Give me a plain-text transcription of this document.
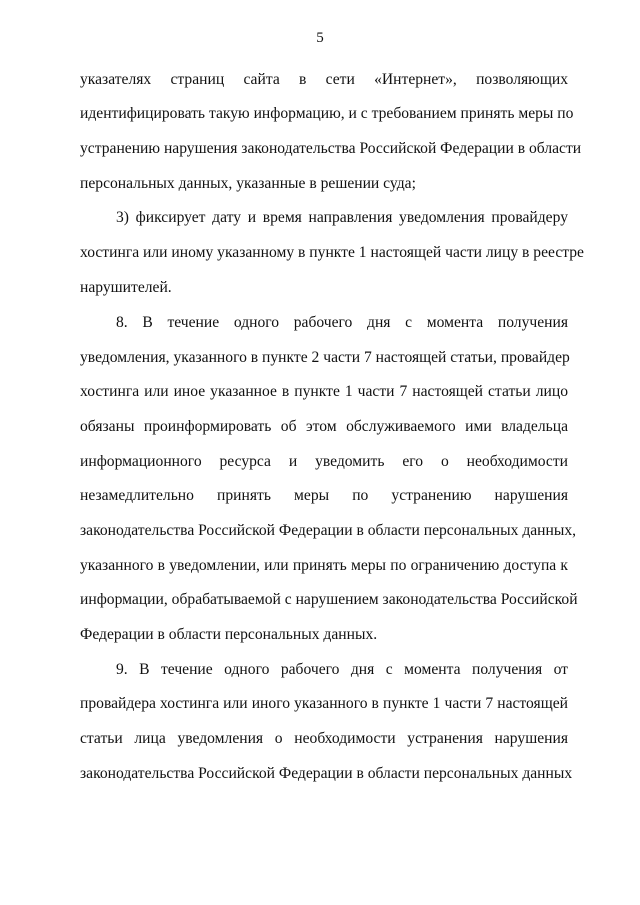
5
указателях страниц сайта в сети «Интернет», позволяющих
идентифицировать такую информацию, и с требованием принять меры по
устранению нарушения законодательства Российской Федерации в области
персональных данных, указанные в решении суда;
3) фиксирует дату и время направления уведомления провайдеру
хостинга или иному указанному в пункте 1 настоящей части лицу в реестре
нарушителей.
8. В течение одного рабочего дня с момента получения
уведомления, указанного в пункте 2 части 7 настоящей статьи, провайдер
хостинга или иное указанное в пункте 1 части 7 настоящей статьи лицо
обязаны проинформировать об этом обслуживаемого ими владельца
информационного ресурса и уведомить его о необходимости
незамедлительно принять меры по устранению нарушения
законодательства Российской Федерации в области персональных данных,
указанного в уведомлении, или принять меры по ограничению доступа к
информации, обрабатываемой с нарушением законодательства Российской
Федерации в области персональных данных.
9. В течение одного рабочего дня с момента получения от
провайдера хостинга или иного указанного в пункте 1 части 7 настоящей
статьи лица уведомления о необходимости устранения нарушения
законодательства Российской Федерации в области персональных данных
